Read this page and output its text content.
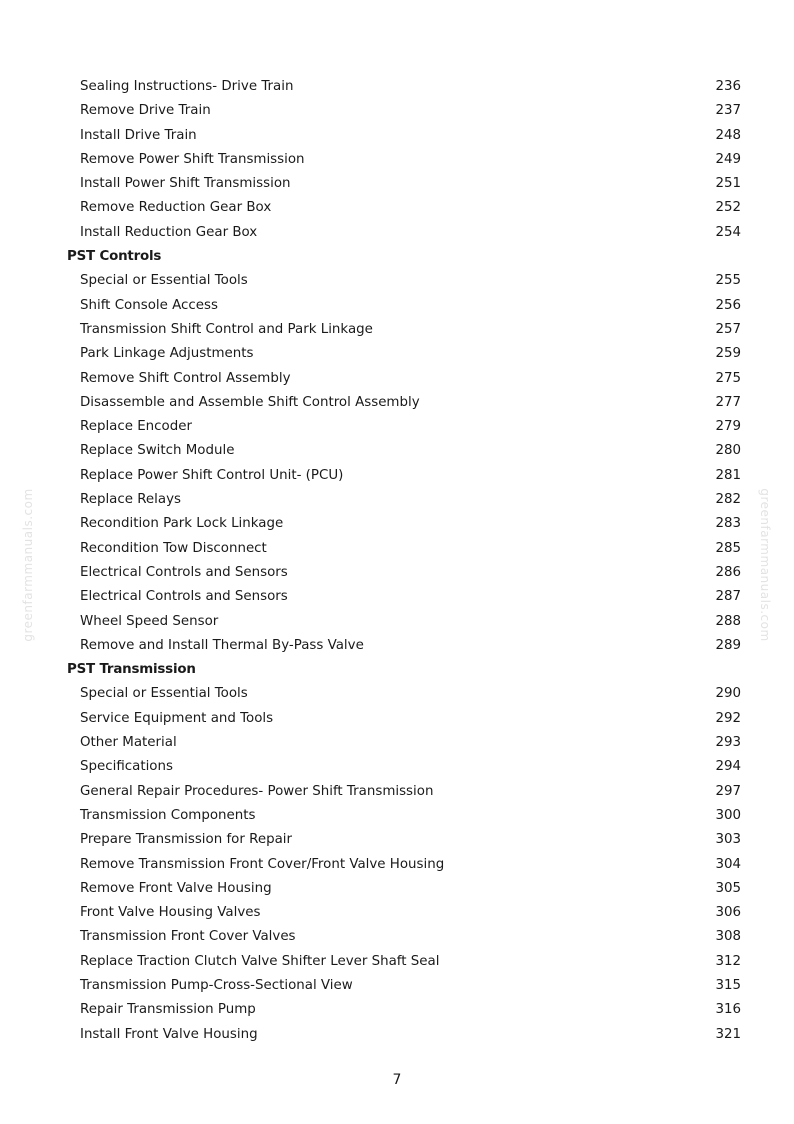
greenfarmmanuals.com	greenfarmmanuals.com
Sealing Instructions- Drive Train	236
Remove Drive Train	237
Install Drive Train	248
Remove Power Shift Transmission	249
Install Power Shift Transmission	251
Remove Reduction Gear Box	252
Install Reduction Gear Box	254
PST Controls
Special or Essential Tools	255
Shift Console Access	256
Transmission Shift Control and Park Linkage	257
Park Linkage Adjustments	259
Remove Shift Control Assembly	275
Disassemble and Assemble Shift Control Assembly	277
Replace Encoder	279
Replace Switch Module	280
Replace Power Shift Control Unit- (PCU)	281
Replace Relays	282
Recondition Park Lock Linkage	283
Recondition Tow Disconnect	285
Electrical Controls and Sensors	286
Electrical Controls and Sensors	287
Wheel Speed Sensor	288
Remove and Install Thermal By-Pass Valve	289
PST Transmission
Special or Essential Tools	290
Service Equipment and Tools	292
Other Material	293
Specifications	294
General Repair Procedures- Power Shift Transmission	297
Transmission Components	300
Prepare Transmission for Repair	303
Remove Transmission Front Cover/Front Valve Housing	304
Remove Front Valve Housing	305
Front Valve Housing Valves	306
Transmission Front Cover Valves	308
Replace Traction Clutch Valve Shifter Lever Shaft Seal	312
Transmission Pump-Cross-Sectional View	315
Repair Transmission Pump	316
Install Front Valve Housing	321
7
